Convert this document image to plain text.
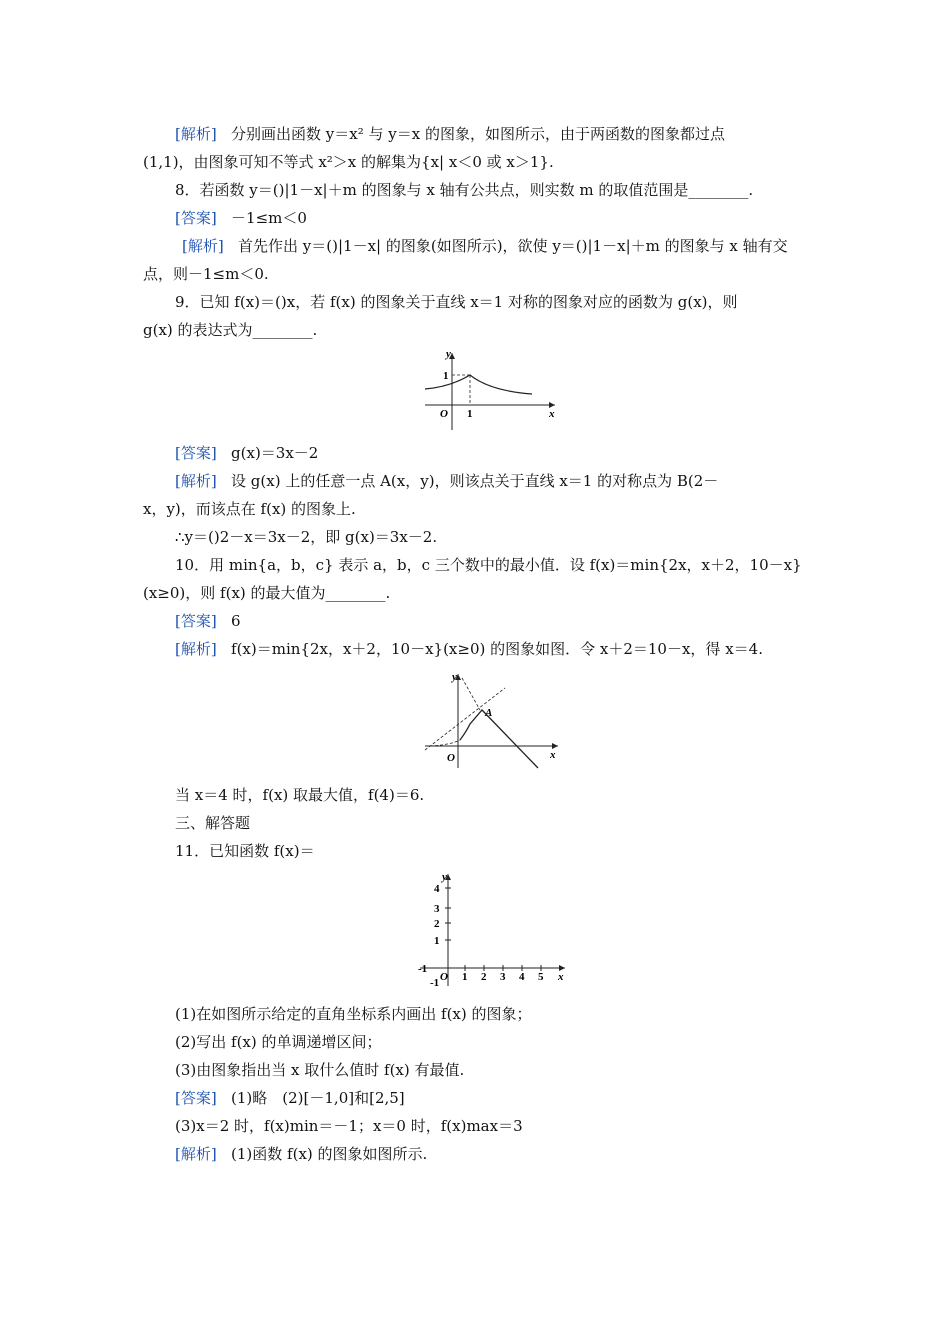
[解析] 分别画出函数 y＝x² 与 y＝x 的图象，如图所示，由于两函数的图象都过点
(1,1)，由图象可知不等式 x²＞x 的解集为{x| x＜0 或 x＞1}.
8．若函数 y＝()|1－x|＋m 的图象与 x 轴有公共点，则实数 m 的取值范围是________.
[答案] －1≤m＜0
[解析] 首先作出 y＝()|1－x| 的图象(如图所示)，欲使 y＝()|1－x|＋m 的图象与 x 轴有交
点，则－1≤m＜0.
9．已知 f(x)＝()x，若 f(x) 的图象关于直线 x＝1 对称的图象对应的函数为 g(x)，则
g(x) 的表达式为________.
y
x
O
1
1
[答案] g(x)＝3x－2
[解析] 设 g(x) 上的任意一点 A(x，y)，则该点关于直线 x＝1 的对称点为 B(2－
x，y)，而该点在 f(x) 的图象上.
∴y＝()2－x＝3x－2，即 g(x)＝3x－2.
10．用 min{a，b，c} 表示 a，b，c 三个数中的最小值．设 f(x)＝min{2x，x＋2，10－x}
(x≥0)，则 f(x) 的最大值为________.
[答案] 6
[解析] f(x)＝min{2x，x＋2，10－x}(x≥0) 的图象如图．令 x＋2＝10－x，得 x＝4.
y
x
O
A
当 x＝4 时，f(x) 取最大值，f(4)＝6.
三、解答题
11．已知函数 f(x)＝
y
x
O
4
3
2
1
-1
-1
1 2 3 4 5
(1)在如图所示给定的直角坐标系内画出 f(x) 的图象；
(2)写出 f(x) 的单调递增区间；
(3)由图象指出当 x 取什么值时 f(x) 有最值.
[答案] (1)略　(2)[－1,0]和[2,5]
(3)x＝2 时，f(x)min＝－1；x＝0 时，f(x)max＝3
[解析] (1)函数 f(x) 的图象如图所示.
